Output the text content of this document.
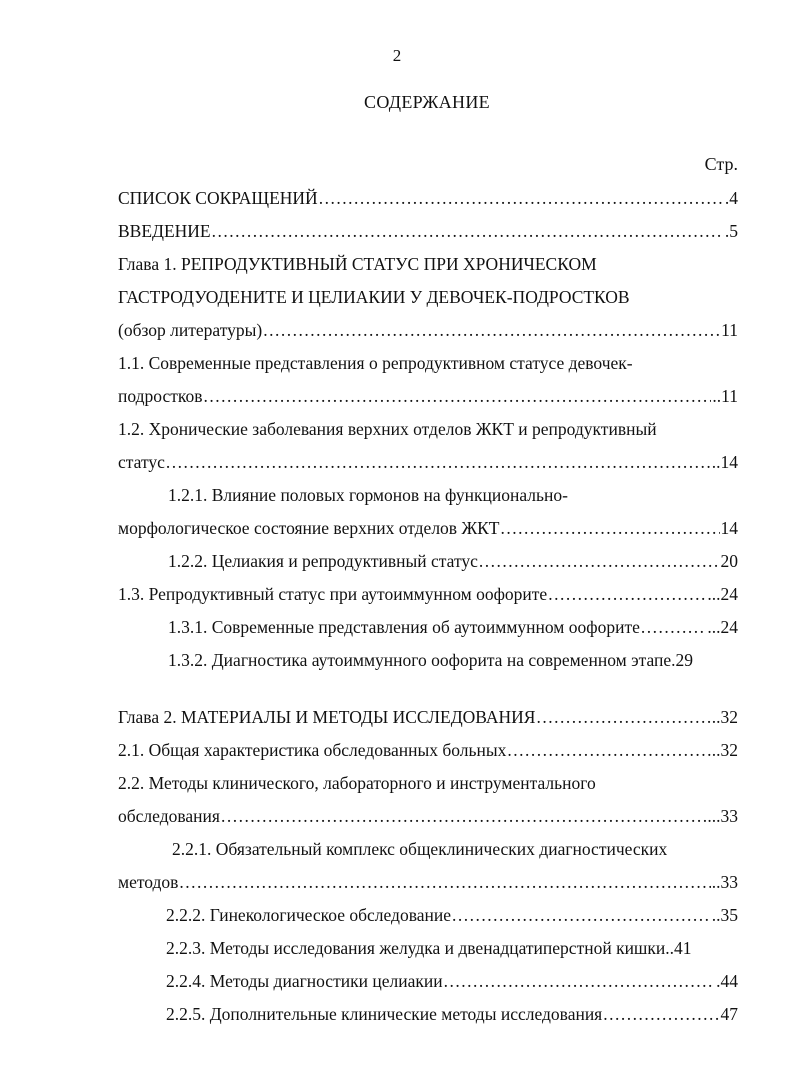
2
СОДЕРЖАНИЕ
Стр.
СПИСОК СОКРАЩЕНИЙ .....	.4
ВВЕДЕНИЕ .....	.5
Глава 1. РЕПРОДУКТИВНЫЙ СТАТУС ПРИ ХРОНИЧЕСКОМ
ГАСТРОДУОДЕНИТЕ И ЦЕЛИАКИИ У ДЕВОЧЕК-ПОДРОСТКОВ
(обзор литературы) .....	11
1.1. Современные представления о репродуктивном статусе девочек-
подростков .....	..11
1.2. Хронические заболевания верхних отделов ЖКТ и репродуктивный
статус .....	..14
1.2.1. Влияние половых гормонов на функционально-
морфологическое состояние верхних отделов ЖКТ .....	14
1.2.2. Целиакия и репродуктивный статус .....	20
1.3. Репродуктивный статус при аутоиммунном оофорите .....	...24
1.3.1. Современные представления об аутоиммунном оофорите .....	...24
1.3.2. Диагностика аутоиммунного оофорита на современном этапе.29
Глава 2. МАТЕРИАЛЫ И МЕТОДЫ ИССЛЕДОВАНИЯ .....	..32
2.1. Общая характеристика обследованных больных .....	..32
2.2. Методы клинического, лабораторного и инструментального
обследования .....	...33
2.2.1. Обязательный комплекс общеклинических диагностических
методов .....	..33
2.2.2. Гинекологическое обследование .....	..35
2.2.3. Методы исследования желудка и двенадцатиперстной кишки..41
2.2.4. Методы диагностики целиакии .....	.44
2.2.5. Дополнительные клинические методы исследования .....	47
